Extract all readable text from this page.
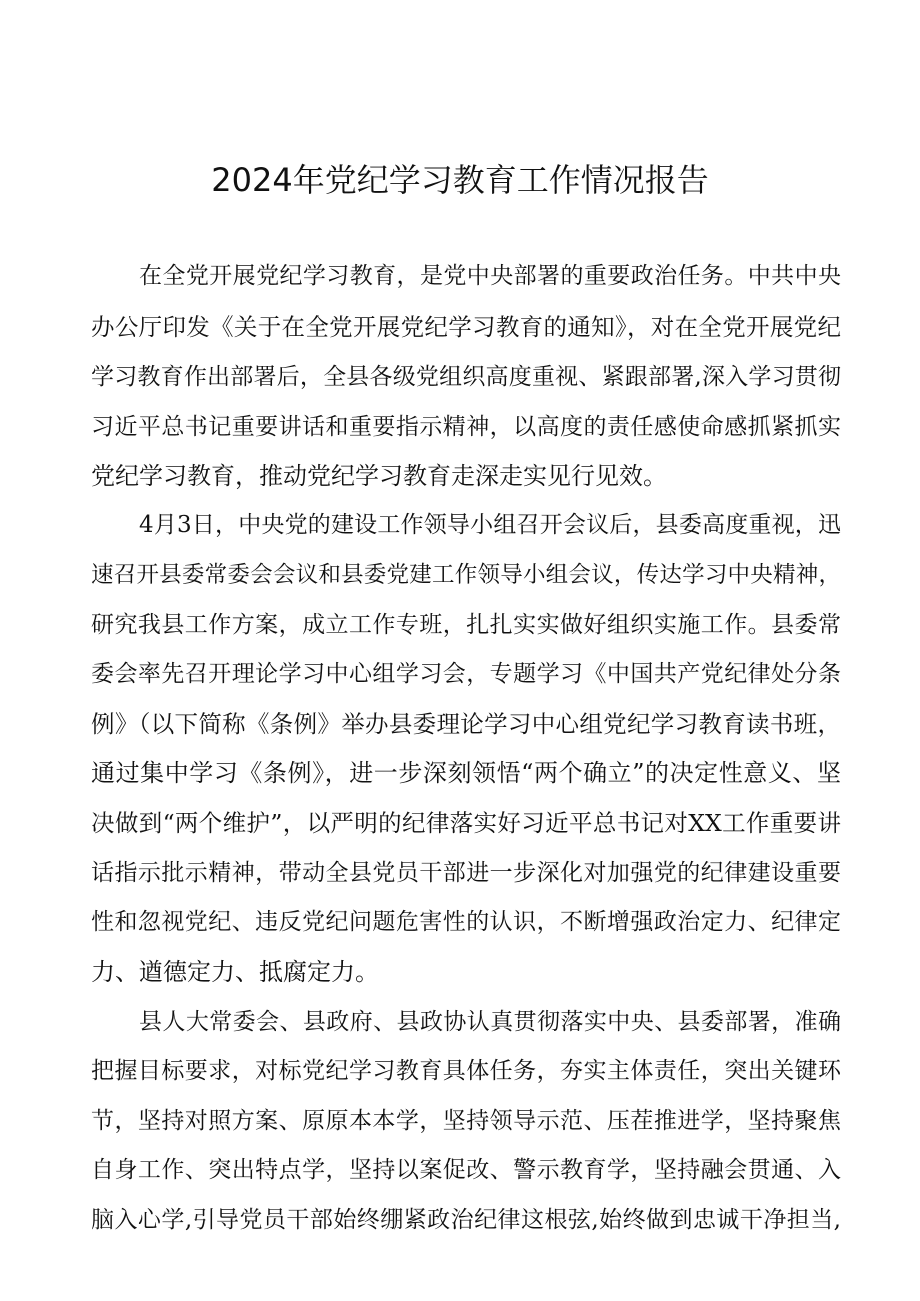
2024年党纪学习教育工作情况报告
在全党开展党纪学习教育，是党中央部署的重要政治任务。中共中央
办公厅印发《关于在全党开展党纪学习教育的通知》，对在全党开展党纪
学习教育作出部署后，全县各级党组织高度重视、紧跟部署,深入学习贯彻
习近平总书记重要讲话和重要指示精神，以高度的责任感使命感抓紧抓实
党纪学习教育，推动党纪学习教育走深走实见行见效。
4月3日，中央党的建设工作领导小组召开会议后，县委高度重视，迅
速召开县委常委会会议和县委党建工作领导小组会议，传达学习中央精神，
研究我县工作方案，成立工作专班，扎扎实实做好组织实施工作。县委常
委会率先召开理论学习中心组学习会，专题学习《中国共产党纪律处分条
例》（以下简称《条例》举办县委理论学习中心组党纪学习教育读书班，
通过集中学习《条例》，进一步深刻领悟“两个确立”的决定性意义、坚
决做到“两个维护”，以严明的纪律落实好习近平总书记对XX工作重要讲
话指示批示精神，带动全县党员干部进一步深化对加强党的纪律建设重要
性和忽视党纪、违反党纪问题危害性的认识，不断增强政治定力、纪律定
力、遒德定力、抵腐定力。
县人大常委会、县政府、县政协认真贯彻落实中央、县委部署，准确
把握目标要求，对标党纪学习教育具体任务，夯实主体责任，突出关键环
节，坚持对照方案、原原本本学，坚持领导示范、压茬推进学，坚持聚焦
自身工作、突出特点学，坚持以案促改、警示教育学，坚持融会贯通、入
脑入心学,引导党员干部始终绷紧政治纪律这根弦,始终做到忠诚干净担当,
